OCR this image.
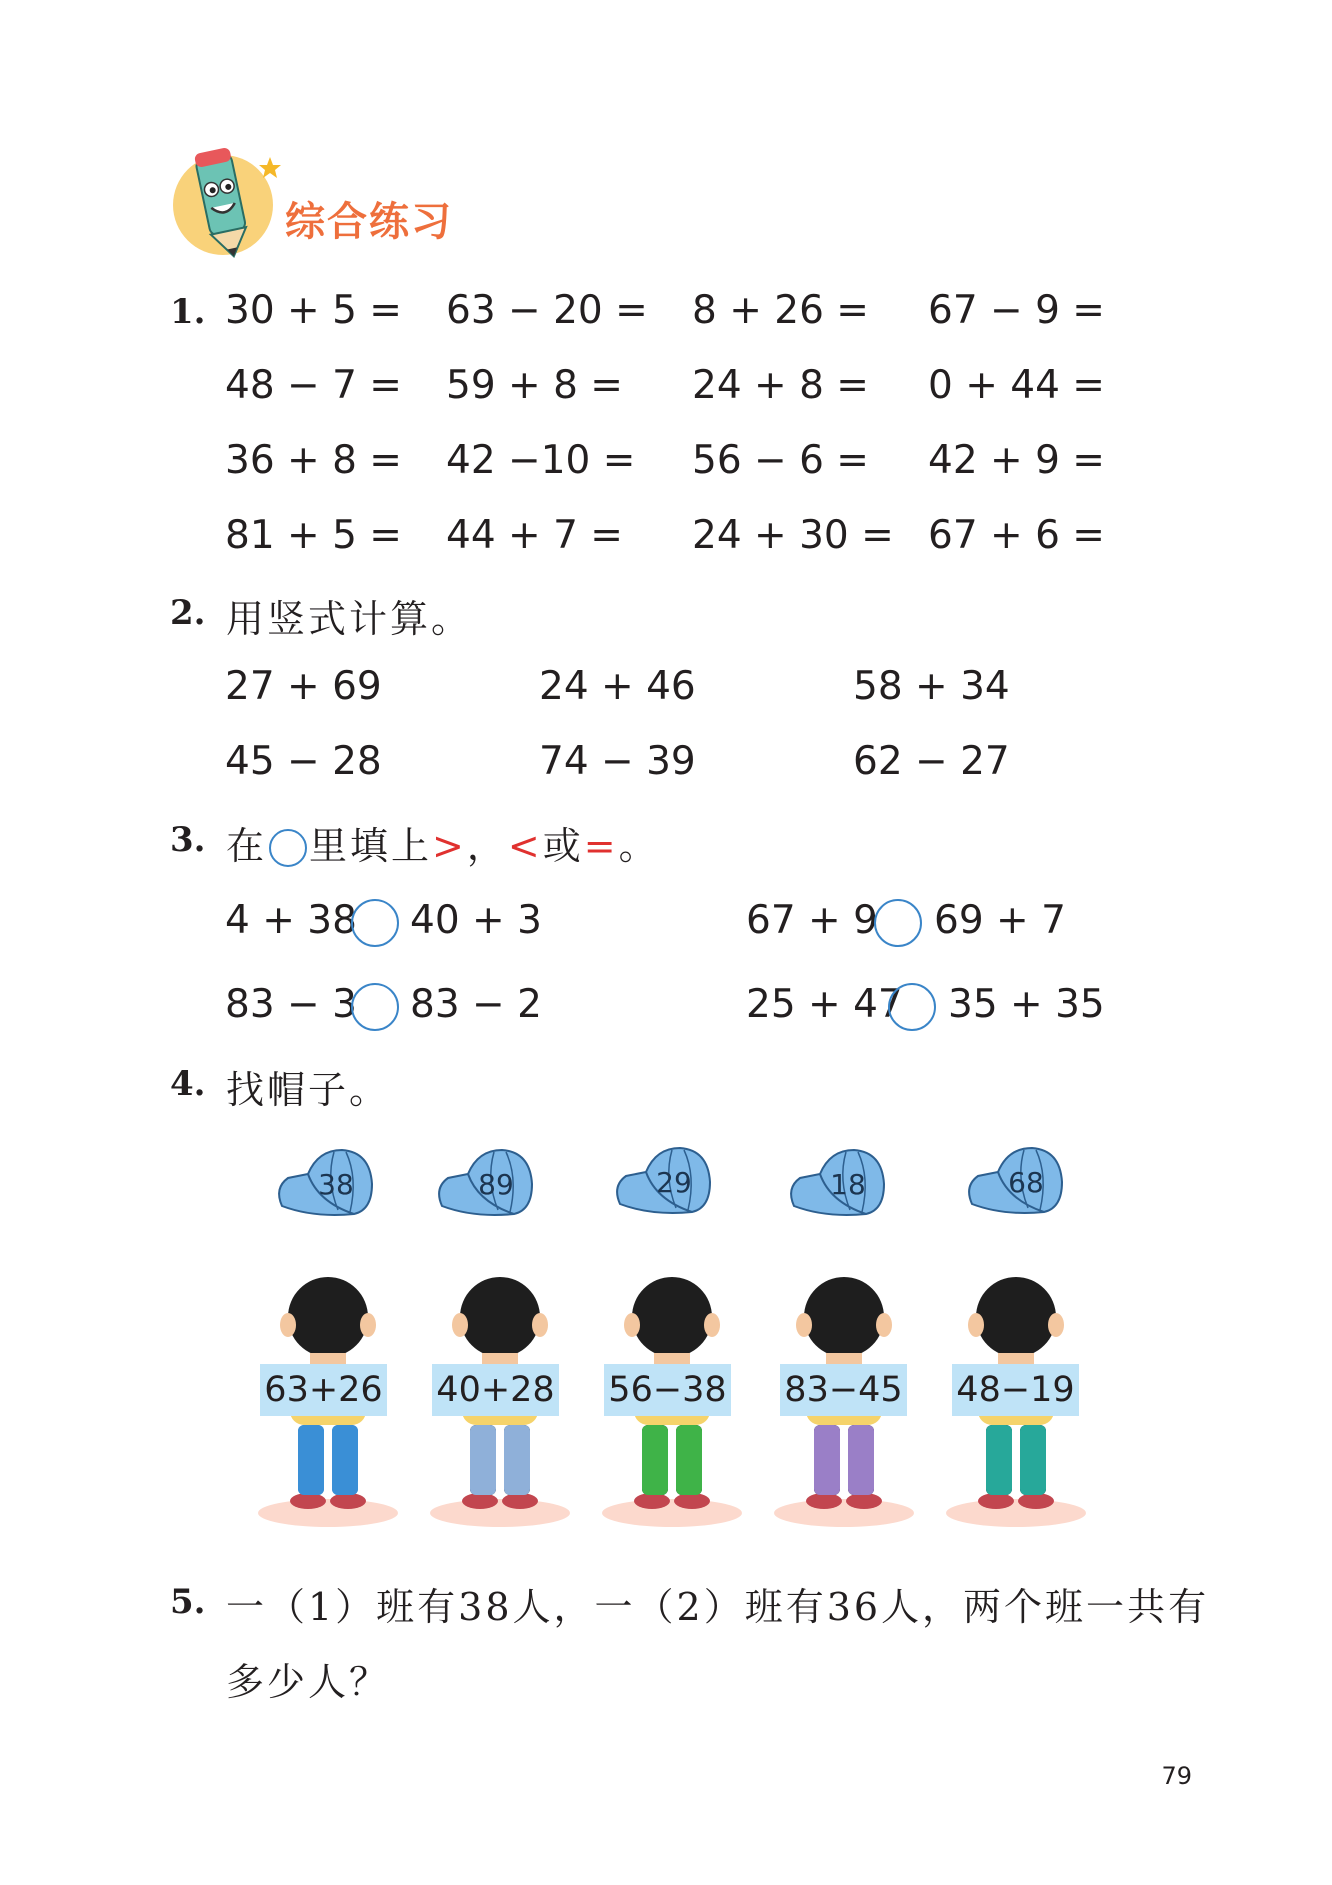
综合练习
1. 30 + 5 = 63 − 20 = 8 + 26 = 67 − 9 =
48 − 7 = 59 + 8 = 24 + 8 = 0 + 44 =
36 + 8 = 42 −10 = 56 − 6 = 42 + 9 =
81 + 5 = 44 + 7 = 24 + 30 = 67 + 6 =
2. 用竖式计算。
27 + 69	24 + 46	58 + 34
45 − 28	74 − 39	62 − 27
3. 在 里填上>，<或=。
4 + 38 40 + 3	67 + 9 69 + 7
83 − 3 83 − 2	25 + 47 35 + 35
4. 找帽子。
38	89	29	18	68
63+26 40+28 56−38 83−45 48−19
5. 一（1）班有38人，一（2）班有36人，两个班一共有
多少人？
79
